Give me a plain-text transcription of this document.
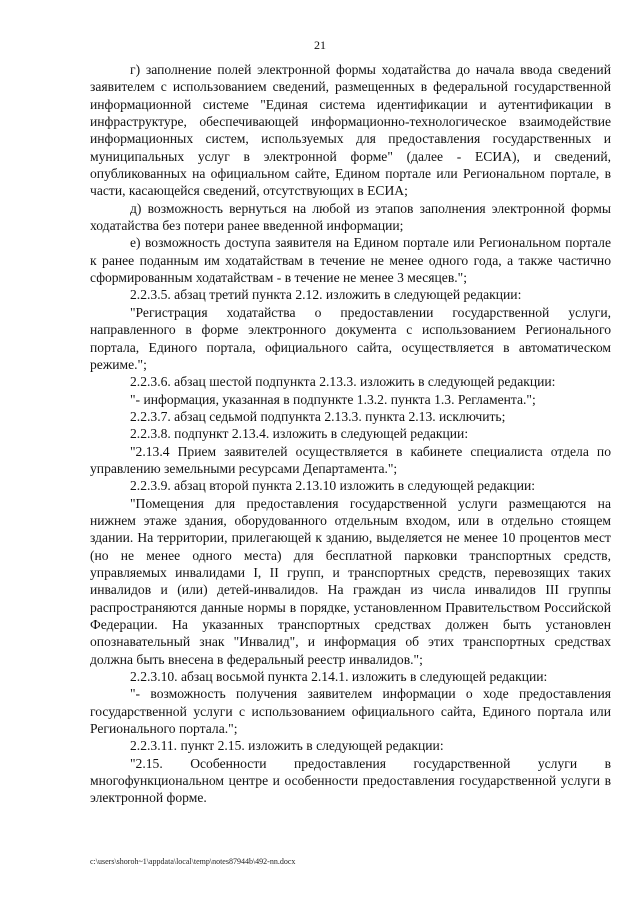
21

г) заполнение полей электронной формы ходатайства до начала ввода сведений заявителем с использованием сведений, размещенных в федеральной государственной информационной системе "Единая система идентификации и аутентификации в инфраструктуре, обеспечивающей информационно-технологическое взаимодействие информационных систем, используемых для предоставления государственных и муниципальных услуг в электронной форме" (далее - ЕСИА), и сведений, опубликованных на официальном сайте, Едином портале или Региональном портале, в части, касающейся сведений, отсутствующих в ЕСИА;

д) возможность вернуться на любой из этапов заполнения электронной формы ходатайства без потери ранее введенной информации;

е) возможность доступа заявителя на Едином портале или Региональном портале к ранее поданным им ходатайствам в течение не менее одного года, а также частично сформированным ходатайствам - в течение не менее 3 месяцев.";

2.2.3.5. абзац третий пункта 2.12. изложить в следующей редакции:

"Регистрация ходатайства о предоставлении государственной услуги, направленного в форме электронного документа с использованием Регионального портала, Единого портала, официального сайта, осуществляется в автоматическом режиме.";

2.2.3.6. абзац шестой подпункта 2.13.3. изложить в следующей редакции:

"- информация, указанная в подпункте 1.3.2. пункта 1.3. Регламента.";

2.2.3.7. абзац седьмой подпункта 2.13.3. пункта 2.13. исключить;

2.2.3.8. подпункт 2.13.4. изложить в следующей редакции:

"2.13.4 Прием заявителей осуществляется в кабинете специалиста отдела по управлению земельными ресурсами Департамента.";

2.2.3.9. абзац второй пункта 2.13.10 изложить в следующей редакции:

"Помещения для предоставления государственной услуги размещаются на нижнем этаже здания, оборудованного отдельным входом, или в отдельно стоящем здании. На территории, прилегающей к зданию, выделяется не менее 10 процентов мест (но не менее одного места) для бесплатной парковки транспортных средств, управляемых инвалидами I, II групп, и транспортных средств, перевозящих таких инвалидов и (или) детей-инвалидов. На граждан из числа инвалидов III группы распространяются данные нормы в порядке, установленном Правительством Российской Федерации. На указанных транспортных средствах должен быть установлен опознавательный знак "Инвалид", и информация об этих транспортных средствах должна быть внесена в федеральный реестр инвалидов.";

2.2.3.10. абзац восьмой пункта 2.14.1. изложить в следующей редакции:

"- возможность получения заявителем информации о ходе предоставления государственной услуги с использованием официального сайта, Единого портала или Регионального портала.";

2.2.3.11. пункт 2.15. изложить в следующей редакции:

"2.15. Особенности предоставления государственной услуги в многофункциональном центре и особенности предоставления государственной услуги в электронной форме.

c:\users\shoroh~1\appdata\local\temp\notes87944b\492-nn.docx
